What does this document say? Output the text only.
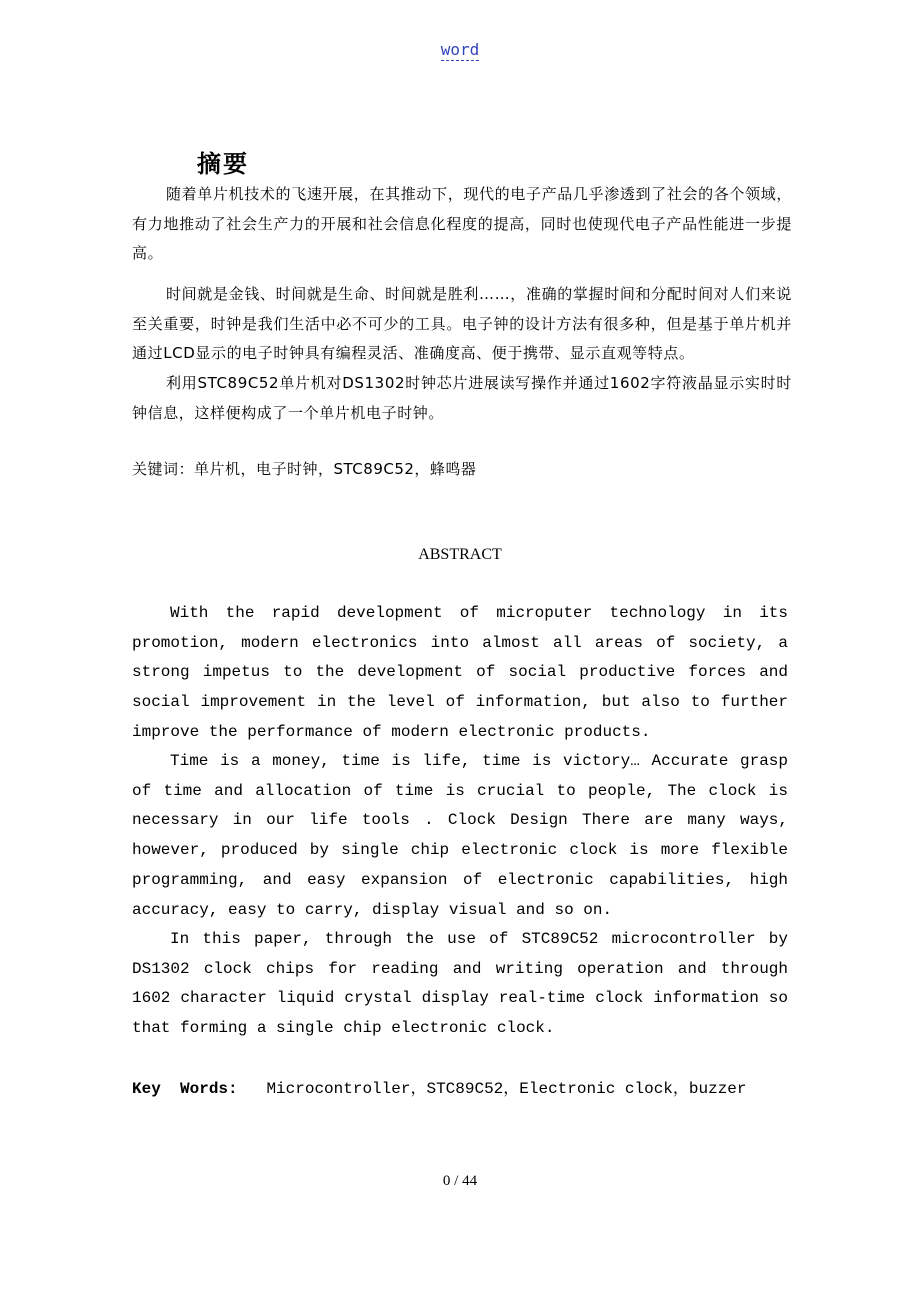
word
摘要

随着单片机技术的飞速开展，在其推动下，现代的电子产品几乎渗透到了社会的各个领域，有力地推动了社会生产力的开展和社会信息化程度的提高，同时也使现代电子产品性能进一步提高。

时间就是金钱、时间就是生命、时间就是胜利……，准确的掌握时间和分配时间对人们来说至关重要，时钟是我们生活中必不可少的工具。电子钟的设计方法有很多种，但是基于单片机并通过LCD显示的电子时钟具有编程灵活、准确度高、便于携带、显示直观等特点。

利用STC89C52单片机对DS1302时钟芯片进展读写操作并通过1602字符液晶显示实时时钟信息，这样便构成了一个单片机电子时钟。

关键词：单片机，电子时钟，STC89C52，蜂鸣器
ABSTRACT

With the rapid development of microputer technology in its promotion, modern electronics into almost all areas of society, a strong impetus to the development of social productive forces and social improvement in the level of information, but also to further improve the performance of modern electronic products.

Time is a money, time is life, time is victory… Accurate grasp of time and allocation of time is crucial to people, The clock is necessary in our life tools . Clock Design There are many ways, however, produced by single chip electronic clock is more flexible programming, and easy expansion of electronic capabilities, high accuracy, easy to carry, display visual and so on.

In this paper, through the use of STC89C52 microcontroller by DS1302 clock chips for reading and writing operation and through 1602 character liquid crystal display real-time clock information so that forming a single chip electronic clock.

Key  Words: Microcontroller，STC89C52，Electronic clock，buzzer
0 / 44
